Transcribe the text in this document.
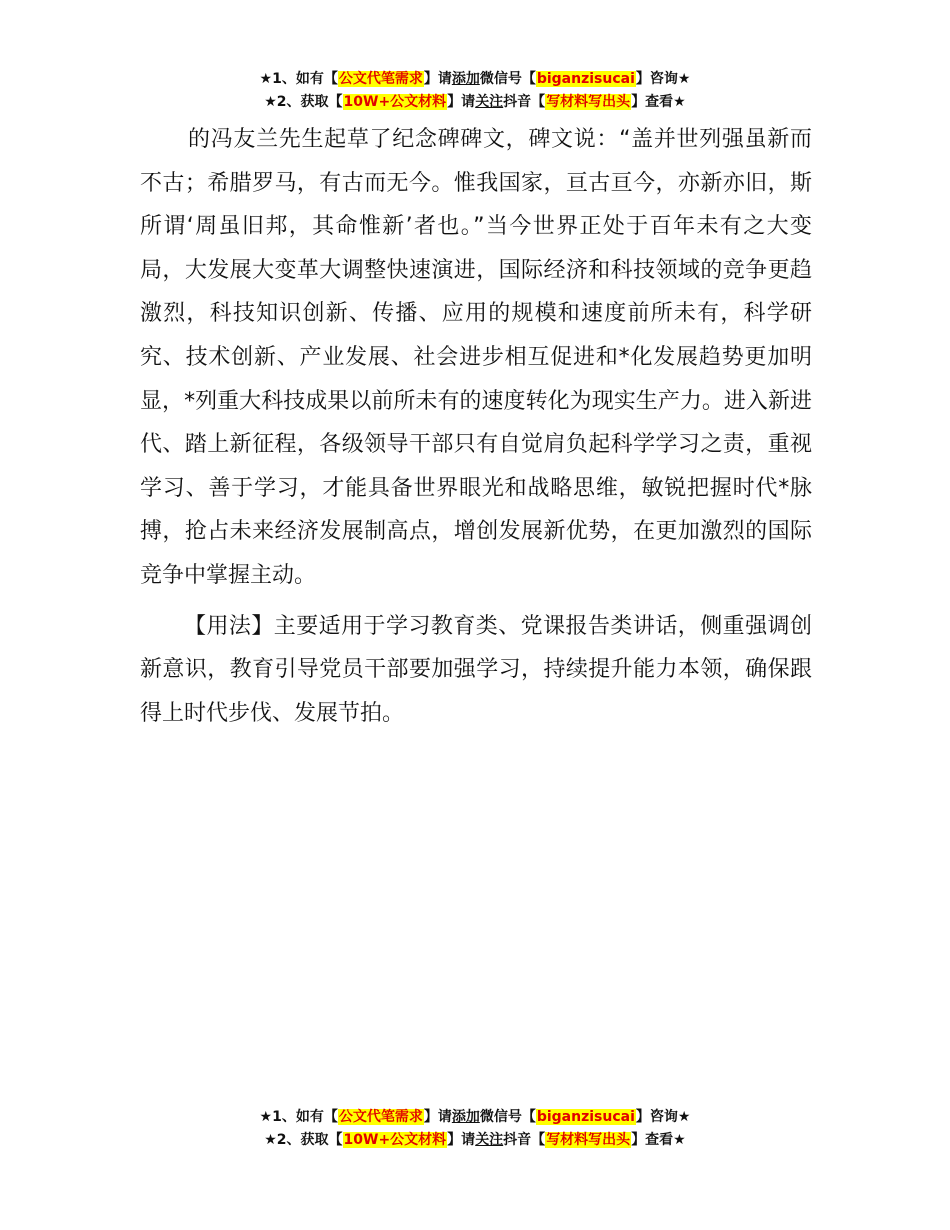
★1、如有【公文代笔需求】请添加微信号【biganzisucai】咨询★
★2、获取【10W+公文材料】请关注抖音【写材料写出头】查看★

的冯友兰先生起草了纪念碑碑文，碑文说：“盖并世列强虽新而不古；希腊罗马，有古而无今。惟我国家，亘古亘今，亦新亦旧，斯所谓‘周虽旧邦，其命惟新’者也。”当今世界正处于百年未有之大变局，大发展大变革大调整快速演进，国际经济和科技领域的竞争更趋激烈，科技知识创新、传播、应用的规模和速度前所未有，科学研究、技术创新、产业发展、社会进步相互促进和*化发展趋势更加明显，*列重大科技成果以前所未有的速度转化为现实生产力。进入新进代、踏上新征程，各级领导干部只有自觉肩负起科学学习之责，重视学习、善于学习，才能具备世界眼光和战略思维，敏锐把握时代*脉搏，抢占未来经济发展制高点，增创发展新优势，在更加激烈的国际竞争中掌握主动。

【用法】主要适用于学习教育类、党课报告类讲话，侧重强调创新意识，教育引导党员干部要加强学习，持续提升能力本领，确保跟得上时代步伐、发展节拍。

★1、如有【公文代笔需求】请添加微信号【biganzisucai】咨询★
★2、获取【10W+公文材料】请关注抖音【写材料写出头】查看★
